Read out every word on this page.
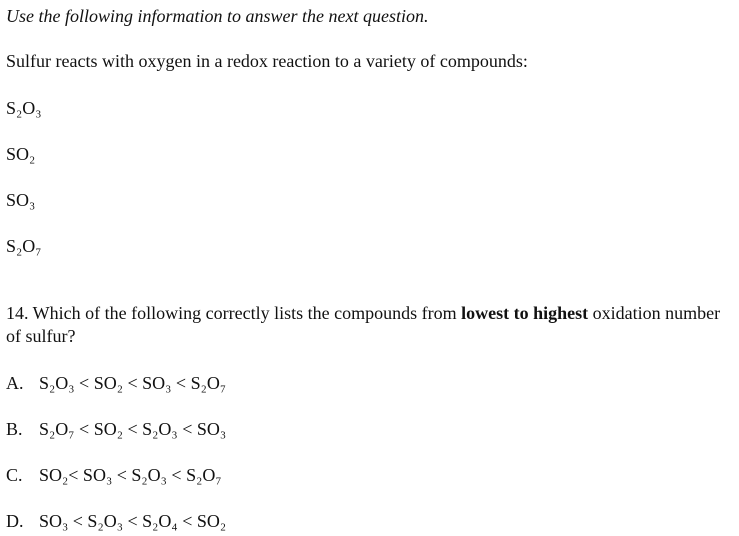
Use the following information to answer the next question.
Sulfur reacts with oxygen in a redox reaction to a variety of compounds:
S₂O₃
SO₂
SO₃
S₂O₇
14. Which of the following correctly lists the compounds from lowest to highest oxidation number of sulfur?
A. S₂O₃ < SO₂ < SO₃ < S₂O₇
B. S₂O₇ < SO₂ < S₂O₃ < SO₃
C. SO₂< SO₃ < S₂O₃ < S₂O₇
D. SO₃ < S₂O₃ < S₂O₄ < SO₂
